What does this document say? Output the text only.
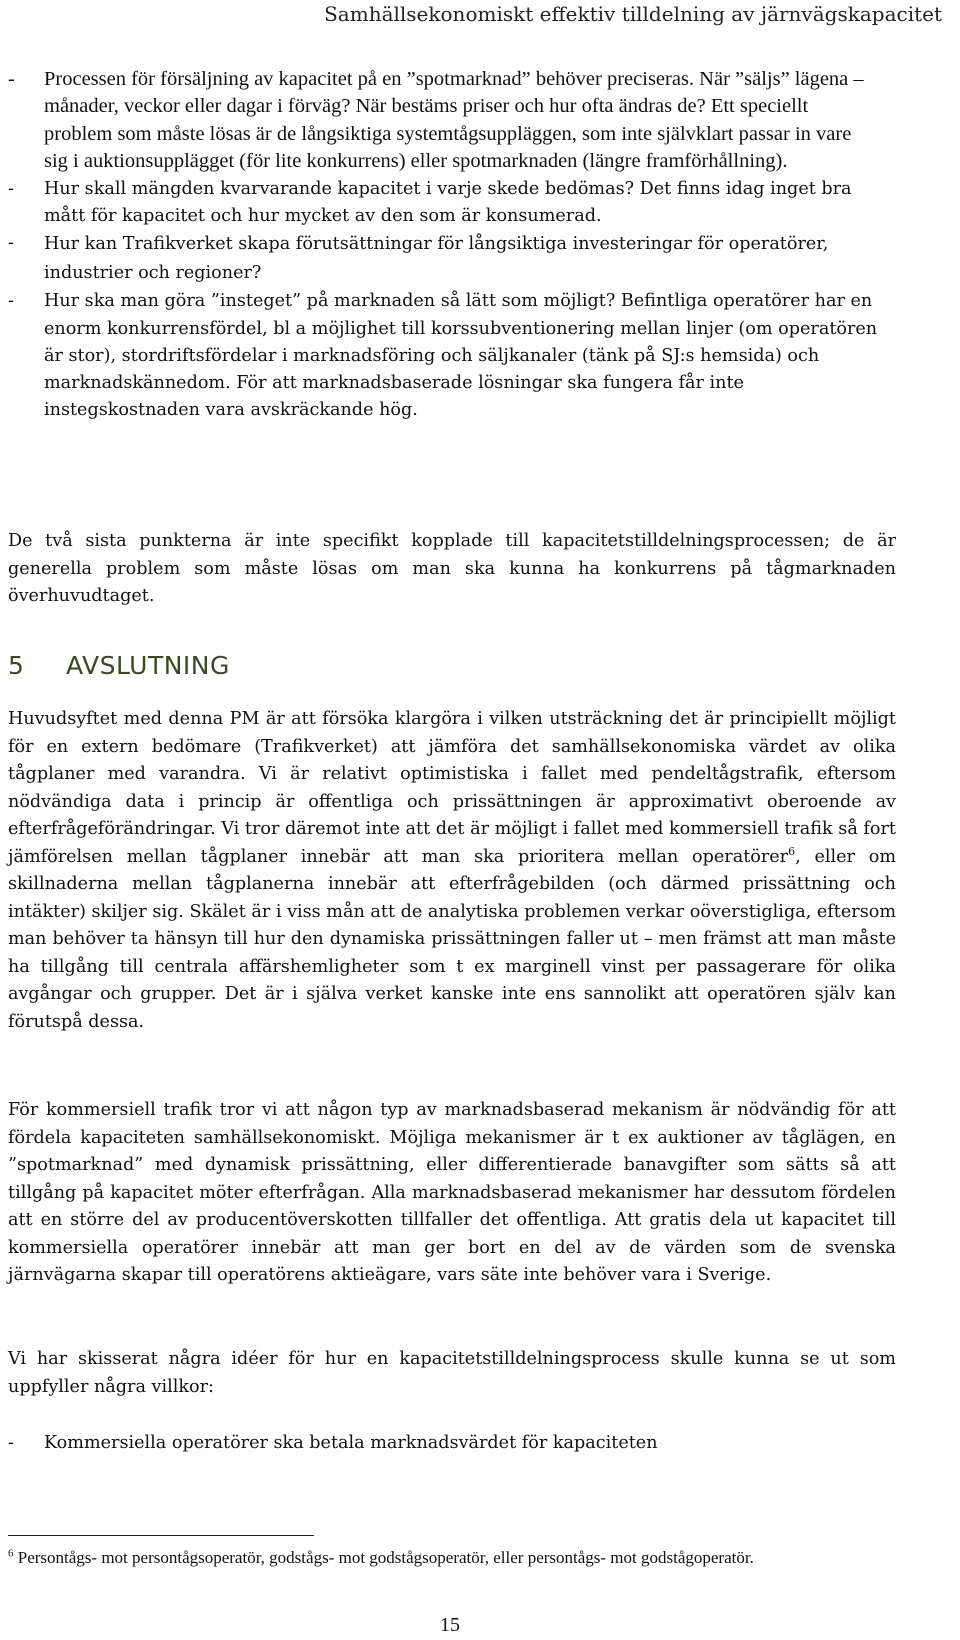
Samhällsekonomiskt effektiv tilldelning av järnvägskapacitet
- Processen för försäljning av kapacitet på en ”spotmarknad” behöver preciseras. När ”säljs” lägena – månader, veckor eller dagar i förväg? När bestäms priser och hur ofta ändras de? Ett speciellt problem som måste lösas är de långsiktiga systemtågsuppläggen, som inte självklart passar in vare sig i auktionsupplägget (för lite konkurrens) eller spotmarknaden (längre framförhållning).

- Hur skall mängden kvarvarande kapacitet i varje skede bedömas? Det finns idag inget bra mått för kapacitet och hur mycket av den som är konsumerad.

- Hur kan Trafikverket skapa förutsättningar för långsiktiga investeringar för operatörer, industrier och regioner?

- Hur ska man göra ”insteget” på marknaden så lätt som möjligt? Befintliga operatörer har en enorm konkurrensfördel, bl a möjlighet till korssubventionering mellan linjer (om operatören är stor), stordriftsfördelar i marknadsföring och säljkanaler (tänk på SJ:s hemsida) och marknadskännedom. För att marknadsbaserade lösningar ska fungera får inte instegskostnaden vara avskräckande hög.

De två sista punkterna är inte specifikt kopplade till kapacitetstilldelningsprocessen; de är generella problem som måste lösas om man ska kunna ha konkurrens på tågmarknaden överhuvudtaget.

5 AVSLUTNING

Huvudsyftet med denna PM är att försöka klargöra i vilken utsträckning det är principiellt möjligt för en extern bedömare (Trafikverket) att jämföra det samhällsekonomiska värdet av olika tågplaner med varandra. Vi är relativt optimistiska i fallet med pendeltågstrafik, eftersom nödvändiga data i princip är offentliga och prissättningen är approximativt oberoende av efterfrågeförändringar. Vi tror däremot inte att det är möjligt i fallet med kommersiell trafik så fort jämförelsen mellan tågplaner innebär att man ska prioritera mellan operatörer$^6$, eller om skillnaderna mellan tågplanerna innebär att efterfrågebilden (och därmed prissättning och intäkter) skiljer sig. Skälet är i viss mån att de analytiska problemen verkar oöverstigliga, eftersom man behöver ta hänsyn till hur den dynamiska prissättningen faller ut – men främst att man måste ha tillgång till centrala affärshemligheter som t ex marginell vinst per passagerare för olika avgångar och grupper. Det är i själva verket kanske inte ens sannolikt att operatören själv kan förutspå dessa.

För kommersiell trafik tror vi att någon typ av marknadsbaserad mekanism är nödvändig för att fördela kapaciteten samhällsekonomiskt. Möjliga mekanismer är t ex auktioner av tåglägen, en ”spotmarknad” med dynamisk prissättning, eller differentierade banavgifter som sätts så att tillgång på kapacitet möter efterfrågan. Alla marknadsbaserad mekanismer har dessutom fördelen att en större del av producentöverskotten tillfaller det offentliga. Att gratis dela ut kapacitet till kommersiella operatörer innebär att man ger bort en del av de värden som de svenska järnvägarna skapar till operatörens aktieägare, vars säte inte behöver vara i Sverige.

Vi har skisserat några idéer för hur en kapacitetstilldelningsprocess skulle kunna se ut som uppfyller några villkor:

- Kommersiella operatörer ska betala marknadsvärdet för kapaciteten
$^6$ Persontågs- mot persontågsoperatör, godstågs- mot godstågsoperatör, eller persontågs- mot godstågoperatör.
15
